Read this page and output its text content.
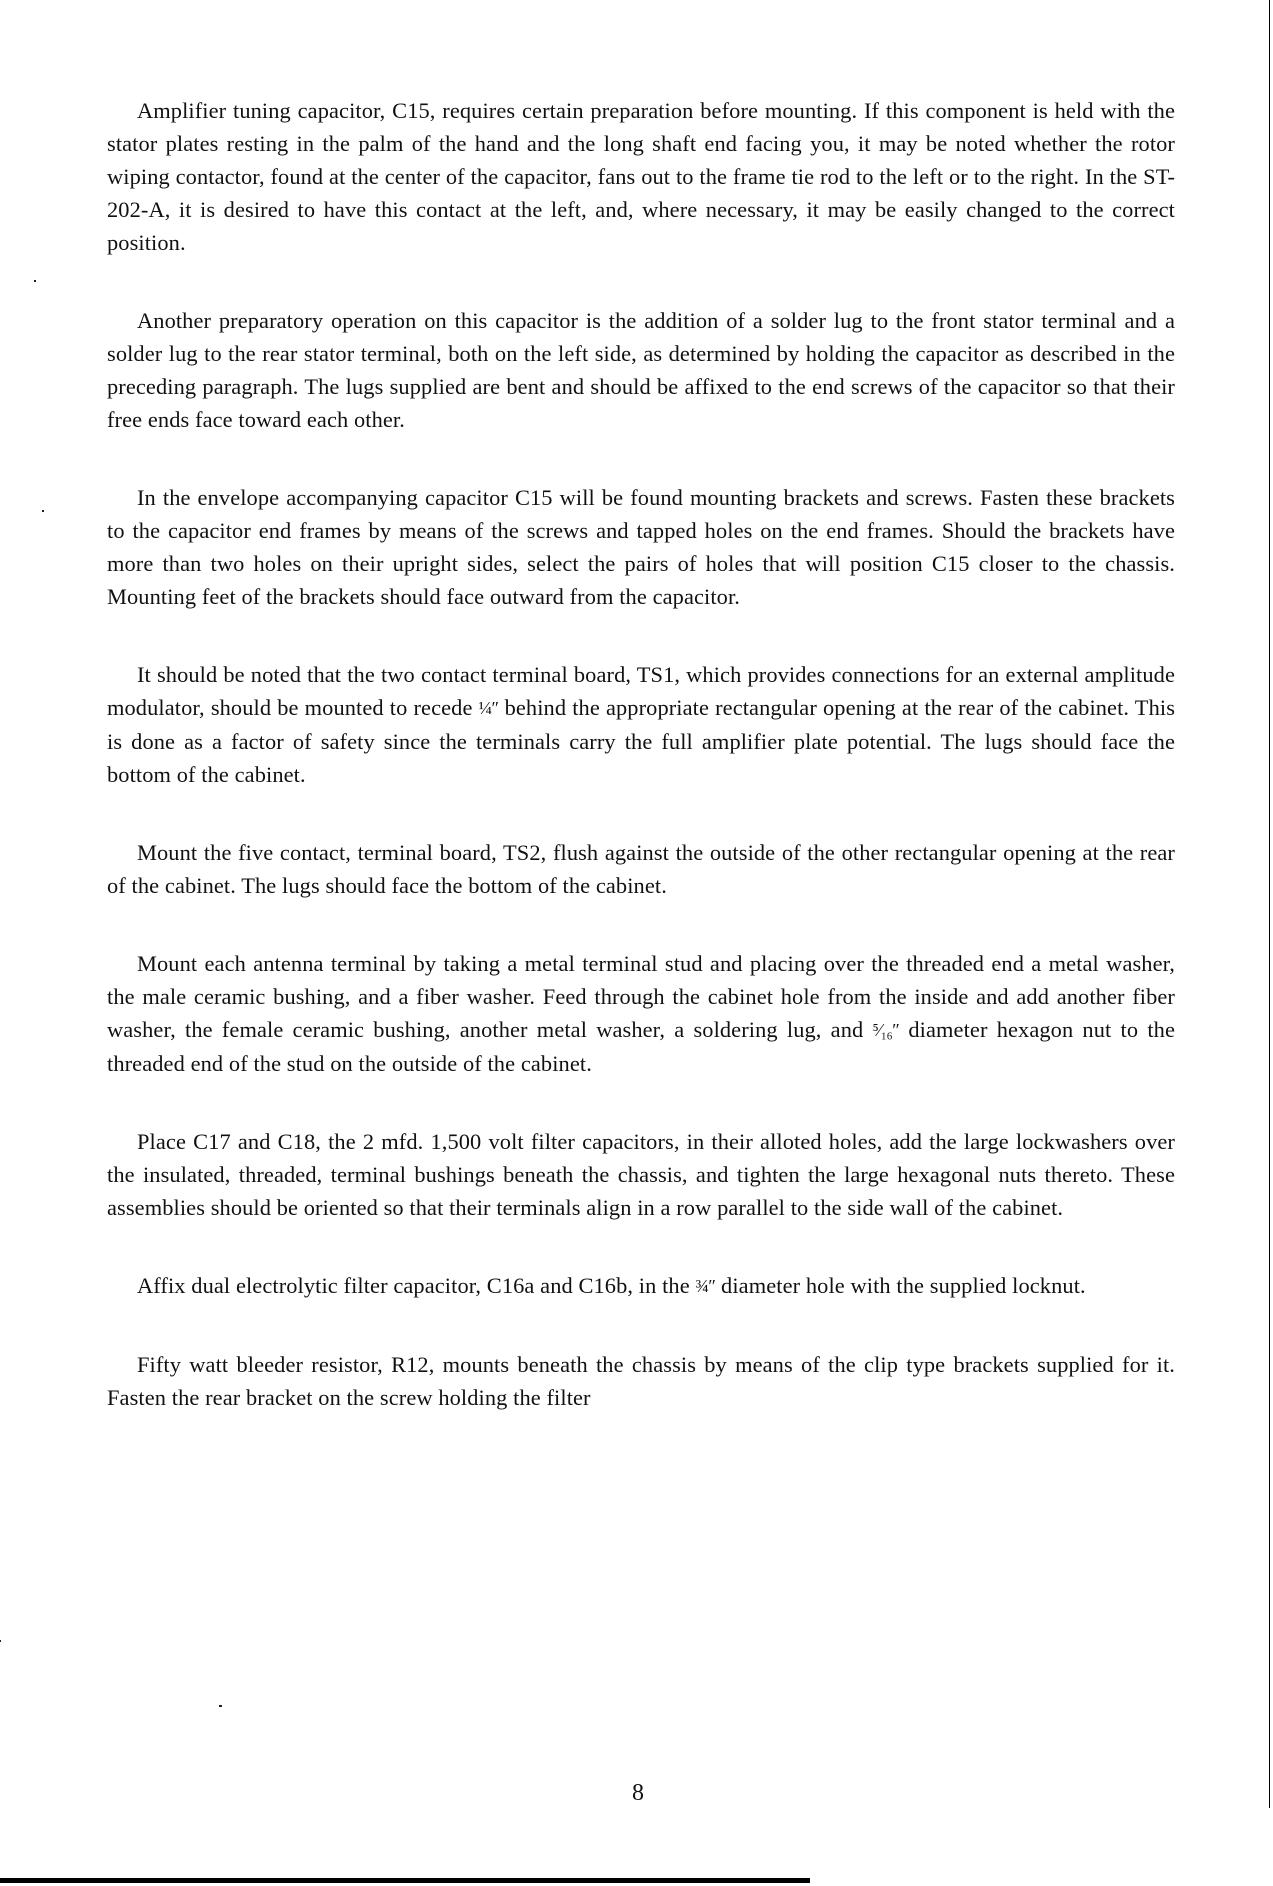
Amplifier tuning capacitor, C15, requires certain preparation before mounting. If this component is held with the stator plates resting in the palm of the hand and the long shaft end facing you, it may be noted whether the rotor wiping contactor, found at the center of the capacitor, fans out to the frame tie rod to the left or to the right. In the ST-202-A, it is desired to have this contact at the left, and, where necessary, it may be easily changed to the correct position.

Another preparatory operation on this capacitor is the addition of a solder lug to the front stator terminal and a solder lug to the rear stator terminal, both on the left side, as determined by holding the capacitor as described in the preceding paragraph. The lugs supplied are bent and should be affixed to the end screws of the capacitor so that their free ends face toward each other.

In the envelope accompanying capacitor C15 will be found mounting brackets and screws. Fasten these brackets to the capacitor end frames by means of the screws and tapped holes on the end frames. Should the brackets have more than two holes on their upright sides, select the pairs of holes that will position C15 closer to the chassis. Mounting feet of the brackets should face outward from the capacitor.

It should be noted that the two contact terminal board, TS1, which provides connections for an external amplitude modulator, should be mounted to recede ¼″ behind the appropriate rectangular opening at the rear of the cabinet. This is done as a factor of safety since the terminals carry the full amplifier plate potential. The lugs should face the bottom of the cabinet.

Mount the five contact, terminal board, TS2, flush against the outside of the other rectangular opening at the rear of the cabinet. The lugs should face the bottom of the cabinet.

Mount each antenna terminal by taking a metal terminal stud and placing over the threaded end a metal washer, the male ceramic bushing, and a fiber washer. Feed through the cabinet hole from the inside and add another fiber washer, the female ceramic bushing, another metal washer, a soldering lug, and ⁵⁄₁₆″ diameter hexagon nut to the threaded end of the stud on the outside of the cabinet.

Place C17 and C18, the 2 mfd. 1,500 volt filter capacitors, in their alloted holes, add the large lockwashers over the insulated, threaded, terminal bushings beneath the chassis, and tighten the large hexagonal nuts thereto. These assemblies should be oriented so that their terminals align in a row parallel to the side wall of the cabinet.

Affix dual electrolytic filter capacitor, C16a and C16b, in the ¾″ diameter hole with the supplied locknut.

Fifty watt bleeder resistor, R12, mounts beneath the chassis by means of the clip type brackets supplied for it. Fasten the rear bracket on the screw holding the filter

8
